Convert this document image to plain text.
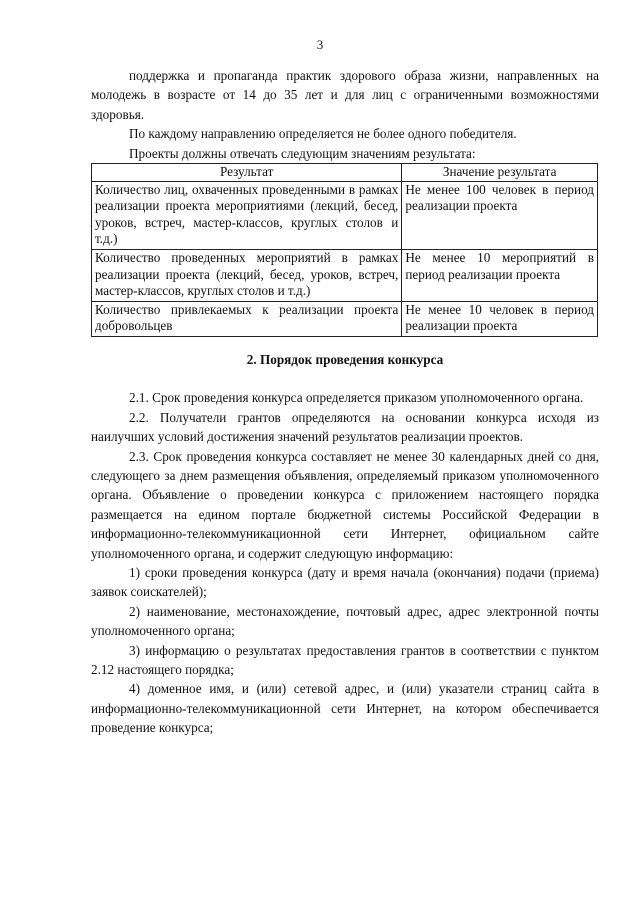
3

поддержка и пропаганда практик здорового образа жизни, направленных на молодежь в возрасте от 14 до 35 лет и для лиц с ограниченными возможностями здоровья.

По каждому направлению определяется не более одного победителя.

Проекты должны отвечать следующим значениям результата:

Результат	Значение результата
Количество лиц, охваченных проведенными в рамках реализации проекта мероприятиями (лекций, бесед, уроков, встреч, мастер-классов, круглых столов и т.д.)	Не менее 100 человек в период реализации проекта
Количество проведенных мероприятий в рамках реализации проекта (лекций, бесед, уроков, встреч, мастер-классов, круглых столов и т.д.)	Не менее 10 мероприятий в период реализации проекта
Количество привлекаемых к реализации проекта добровольцев	Не менее 10 человек в период реализации проекта

2. Порядок проведения конкурса

2.1. Срок проведения конкурса определяется приказом уполномоченного органа.

2.2. Получатели грантов определяются на основании конкурса исходя из наилучших условий достижения значений результатов реализации проектов.

2.3. Срок проведения конкурса составляет не менее 30 календарных дней со дня, следующего за днем размещения объявления, определяемый приказом уполномоченного органа. Объявление о проведении конкурса с приложением настоящего порядка размещается на едином портале бюджетной системы Российской Федерации в информационно-телекоммуникационной сети Интернет, официальном сайте уполномоченного органа, и содержит следующую информацию:

1) сроки проведения конкурса (дату и время начала (окончания) подачи (приема) заявок соискателей);

2) наименование, местонахождение, почтовый адрес, адрес электронной почты уполномоченного органа;

3) информацию о результатах предоставления грантов в соответствии с пунктом 2.12 настоящего порядка;

4) доменное имя, и (или) сетевой адрес, и (или) указатели страниц сайта в информационно-телекоммуникационной сети Интернет, на котором обеспечивается проведение конкурса;
